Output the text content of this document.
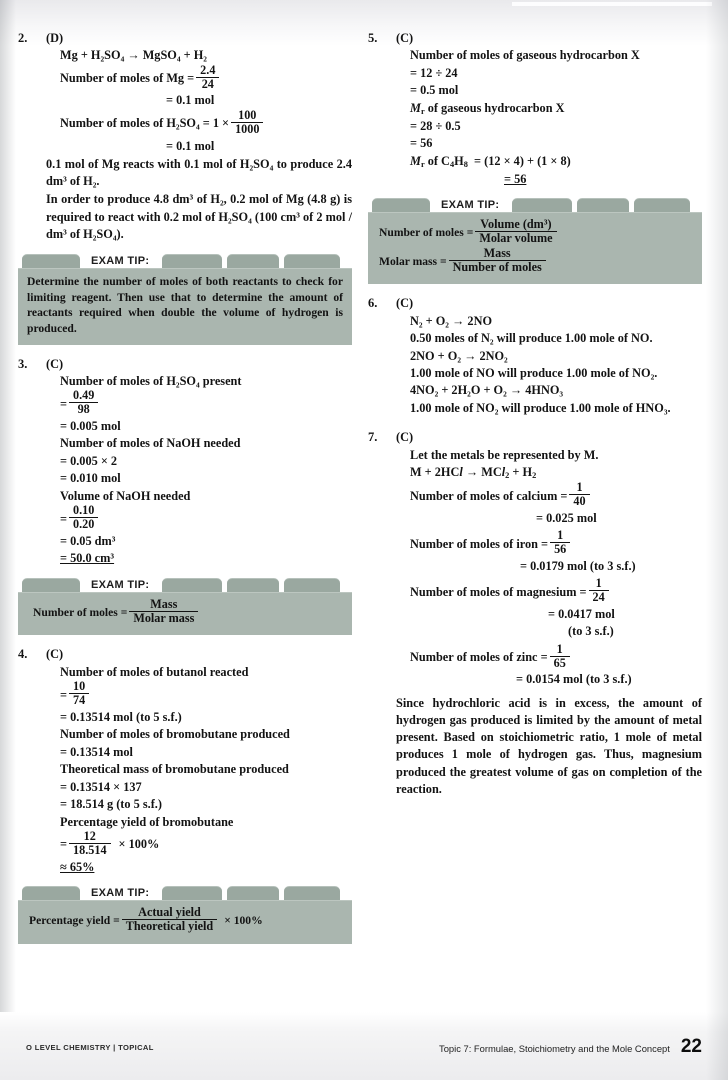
2.	(D)
Mg + H₂SO₄ → MgSO₄ + H₂
Number of moles of $Mg = \frac{2.4}{24}$
= 0.1 mol
Number of moles of $H_2SO_4 = 1 \times \frac{100}{1000}$
= 0.1 mol
0.1 mol of Mg reacts with 0.1 mol of H₂SO₄ to produce 2.4 dm³ of H₂.
In order to produce 4.8 dm³ of H₂, 0.2 mol of Mg (4.8 g) is required to react with 0.2 mol of H₂SO₄ (100 cm³ of 2 mol / dm³ of H₂SO₄).
EXAM TIP:
Determine the number of moles of both reactants to check for limiting reagent. Then use that to determine the amount of reactants required when double the volume of hydrogen is produced.
3.	(C)
Number of moles of H₂SO₄ present
= $\frac{0.49}{98}$
= 0.005 mol
Number of moles of NaOH needed
= 0.005 × 2
= 0.010 mol
Volume of NaOH needed
= $\frac{0.10}{0.20}$
= 0.05 dm³
= 50.0 cm³
EXAM TIP:
Number of moles = $\frac{\text{Mass}}{\text{Molar mass}}$
4.	(C)
Number of moles of butanol reacted
= $\frac{10}{74}$
= 0.13514 mol (to 5 s.f.)
Number of moles of bromobutane produced
= 0.13514 mol
Theoretical mass of bromobutane produced
= 0.13514 × 137
= 18.514 g (to 5 s.f.)
Percentage yield of bromobutane
= $\frac{12}{18.514} \times 100\%$
≈ 65%
EXAM TIP:
Percentage yield = $\frac{\text{Actual yield}}{\text{Theoretical yield}} \times 100\%$
5.	(C)
Number of moles of gaseous hydrocarbon X
= 12 ÷ 24
= 0.5 mol
$M_r$ of gaseous hydrocarbon X
= 28 ÷ 0.5
= 56
$M_r$ of $C_4H_8 = (12 \times 4) + (1 \times 8)$
= 56
EXAM TIP:
Number of moles = $\frac{\text{Volume (dm³)}}{\text{Molar volume}}$
Molar mass = $\frac{\text{Mass}}{\text{Number of moles}}$
6.	(C)
N₂ + O₂ → 2NO
0.50 moles of N₂ will produce 1.00 mole of NO.
2NO + O₂ → 2NO₂
1.00 mole of NO will produce 1.00 mole of NO₂.
4NO₂ + 2H₂O + O₂ → 4HNO₃
1.00 mole of NO₂ will produce 1.00 mole of HNO₃.
7.	(C)
Let the metals be represented by M.
$M + 2HCl \to MCl_2 + H_2$
Number of moles of calcium = $\frac{1}{40}$
= 0.025 mol
Number of moles of iron = $\frac{1}{56}$
= 0.0179 mol (to 3 s.f.)
Number of moles of magnesium = $\frac{1}{24}$
= 0.0417 mol
(to 3 s.f.)
Number of moles of zinc = $\frac{1}{65}$
= 0.0154 mol (to 3 s.f.)
Since hydrochloric acid is in excess, the amount of hydrogen gas produced is limited by the amount of metal present. Based on stoichiometric ratio, 1 mole of metal produces 1 mole of hydrogen gas. Thus, magnesium produced the greatest volume of gas on completion of the reaction.
O LEVEL CHEMISTRY | TOPICAL	Topic 7: Formulae, Stoichiometry and the Mole Concept 22
